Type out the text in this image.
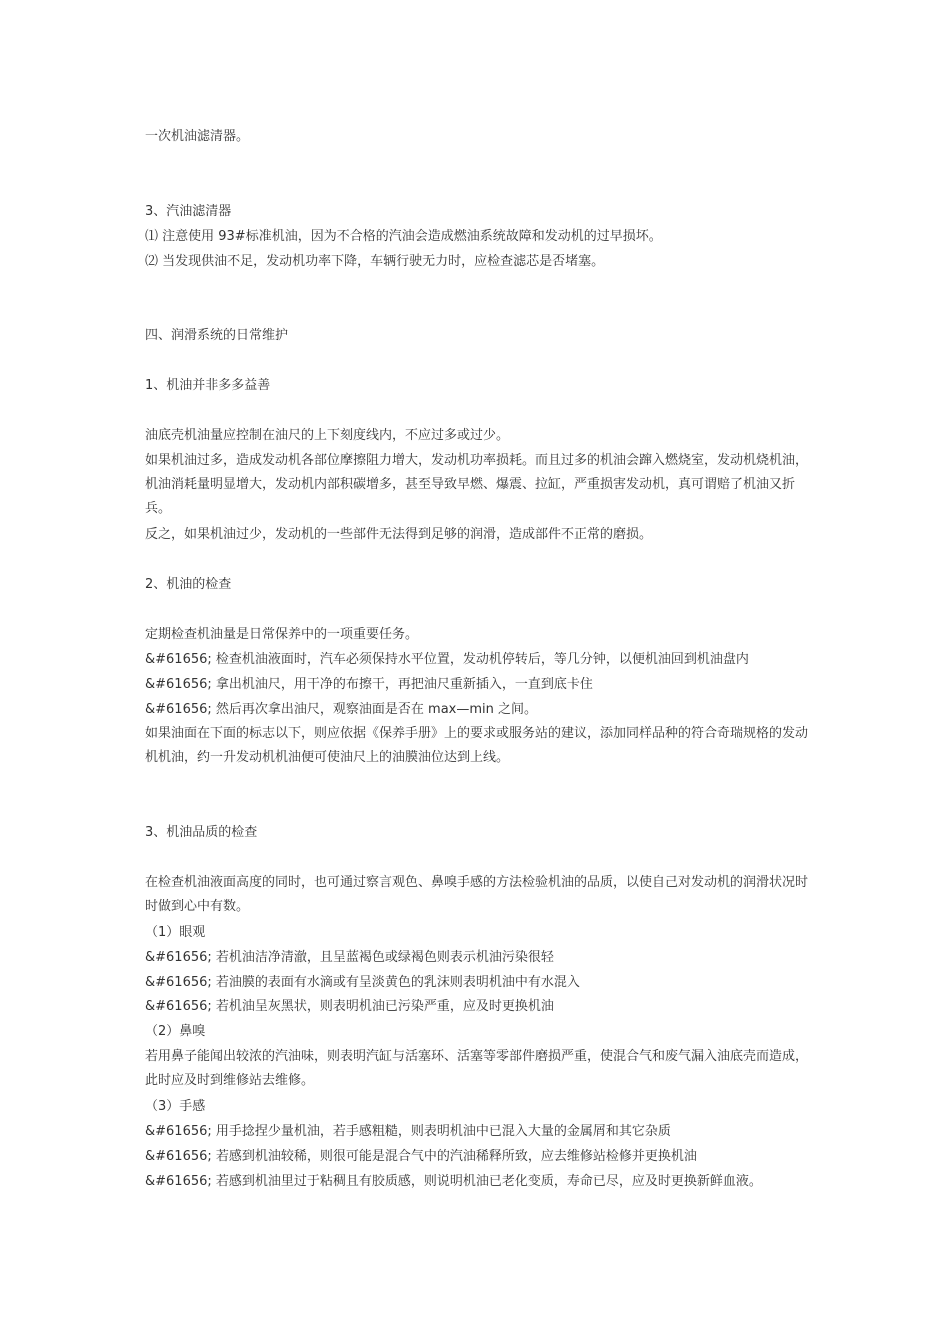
一次机油滤清器。
3、汽油滤清器
⑴ 注意使用 93#标准机油，因为不合格的汽油会造成燃油系统故障和发动机的过早损坏。
⑵ 当发现供油不足，发动机功率下降，车辆行驶无力时，应检查滤芯是否堵塞。
四、润滑系统的日常维护
1、机油并非多多益善
油底壳机油量应控制在油尺的上下刻度线内，不应过多或过少。
如果机油过多，造成发动机各部位摩擦阻力增大，发动机功率损耗。而且过多的机油会蹿入燃烧室，发动机烧机油，机油消耗量明显增大，发动机内部积碳增多，甚至导致早燃、爆震、拉缸，严重损害发动机，真可谓赔了机油又折兵。
反之，如果机油过少，发动机的一些部件无法得到足够的润滑，造成部件不正常的磨损。
2、机油的检查
定期检查机油量是日常保养中的一项重要任务。
&#61656; 检查机油液面时，汽车必须保持水平位置，发动机停转后，等几分钟，以便机油回到机油盘内
&#61656; 拿出机油尺，用干净的布擦干，再把油尺重新插入，一直到底卡住
&#61656; 然后再次拿出油尺，观察油面是否在 max—min 之间。
如果油面在下面的标志以下，则应依据《保养手册》上的要求或服务站的建议，添加同样品种的符合奇瑞规格的发动机机油，约一升发动机机油便可使油尺上的油膜油位达到上线。
3、机油品质的检查
在检查机油液面高度的同时，也可通过察言观色、鼻嗅手感的方法检验机油的品质，以使自己对发动机的润滑状况时时做到心中有数。
（1）眼观
&#61656; 若机油洁净清澈，且呈蓝褐色或绿褐色则表示机油污染很轻
&#61656; 若油膜的表面有水滴或有呈淡黄色的乳沫则表明机油中有水混入
&#61656; 若机油呈灰黑状，则表明机油已污染严重，应及时更换机油
（2）鼻嗅
若用鼻子能闻出较浓的汽油味，则表明汽缸与活塞环、活塞等零部件磨损严重，使混合气和废气漏入油底壳而造成，此时应及时到维修站去维修。
（3）手感
&#61656; 用手捻捏少量机油，若手感粗糙，则表明机油中已混入大量的金属屑和其它杂质
&#61656; 若感到机油较稀，则很可能是混合气中的汽油稀释所致，应去维修站检修并更换机油
&#61656; 若感到机油里过于粘稠且有胶质感，则说明机油已老化变质，寿命已尽，应及时更换新鲜血液。
